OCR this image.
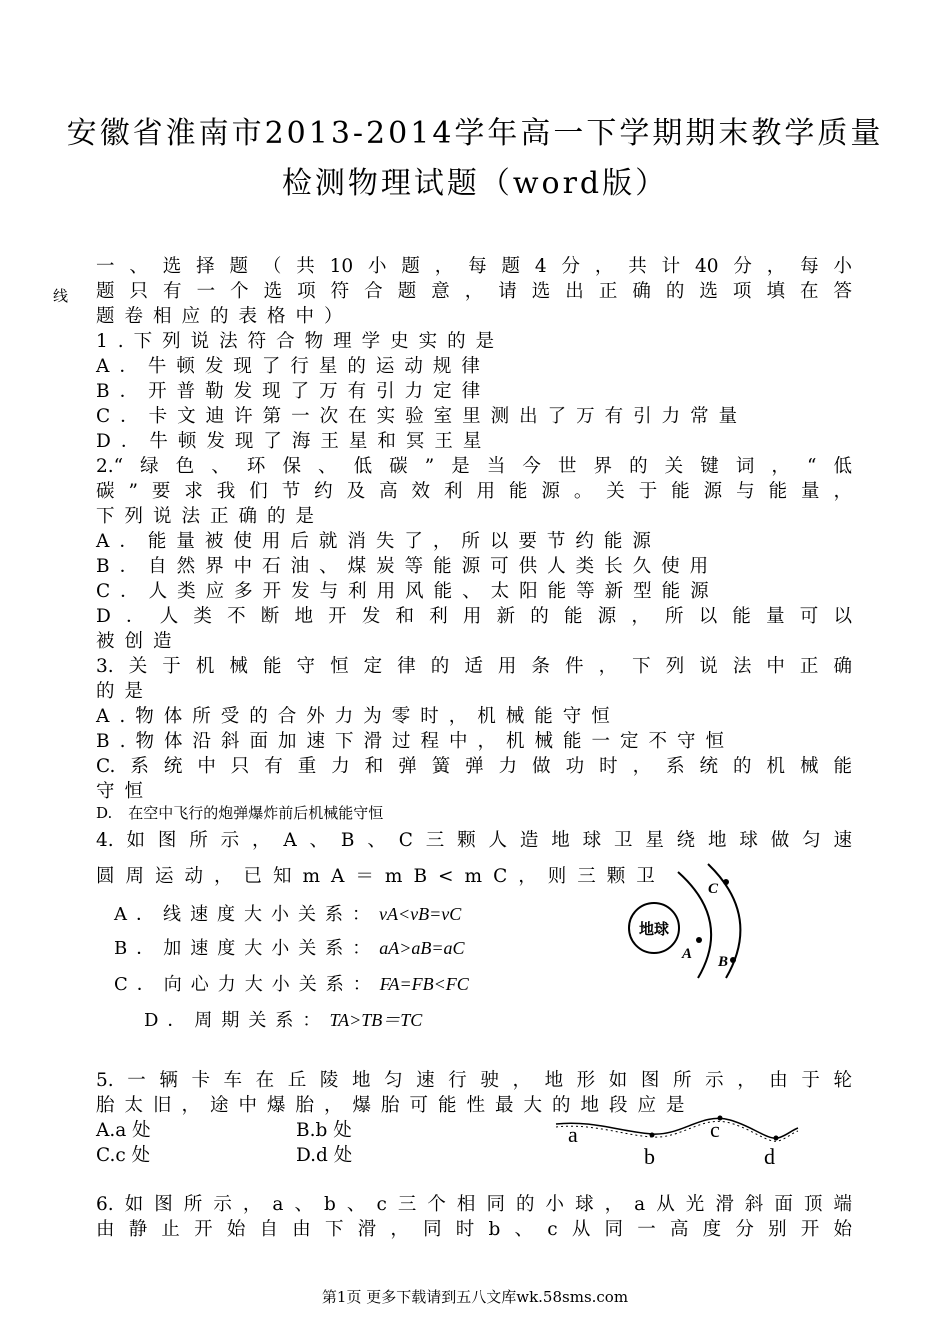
安徽省淮南市2013-2014学年高一下学期期末教学质量
检测物理试题（word版）
线
一、选择题（共10小题，每题4分，共计40分，每小
题只有一个选项符合题意，请选出正确的选项填在答
题卷相应的表格中）
1.下列说法符合物理学史实的是
A．牛顿发现了行星的运动规律
B．开普勒发现了万有引力定律
C．卡文迪许第一次在实验室里测出了万有引力常量
D．牛顿发现了海王星和冥王星
2.“绿色、环保、低碳”是当今世界的关键词，“低
碳”要求我们节约及高效利用能源。关于能源与能量，
下列说法正确的是
A．能量被使用后就消失了，所以要节约能源
B．自然界中石油、煤炭等能源可供人类长久使用
C．人类应多开发与利用风能、太阳能等新型能源
D．人类不断地开发和利用新的能源，所以能量可以
被创造
3.关于机械能守恒定律的适用条件，下列说法中正确
的是
A.物体所受的合外力为零时，机械能守恒
B.物体沿斜面加速下滑过程中，机械能一定不守恒
C.系统中只有重力和弹簧弹力做功时，系统的机械能
守恒
D. 在空中飞行的炮弹爆炸前后机械能守恒
4.如图所示，A、B、C三颗人造地球卫星绕地球做匀速
圆周运动，已知mA＝mB<mC，则三颗卫
A．线速度大小关系：vA<vB=vC
B．加速度大小关系：aA>aB=aC
C．向心力大小关系：FA=FB<FC
D．周期关系：TA>TB＝TC
地球
A B
C
5.一辆卡车在丘陵地匀速行驶，地形如图所示，由于轮
胎太旧，途中爆胎，爆胎可能性最大的地段应是
A.a 处	B.b 处
C.c 处	D.d 处
a
b
c
d
6.如图所示，a、b、c三个相同的小球，a从光滑斜面顶端
由静止开始自由下滑，同时b、c从同一高度分别开始
第1页 更多下载请到五八文库wk.58sms.com
